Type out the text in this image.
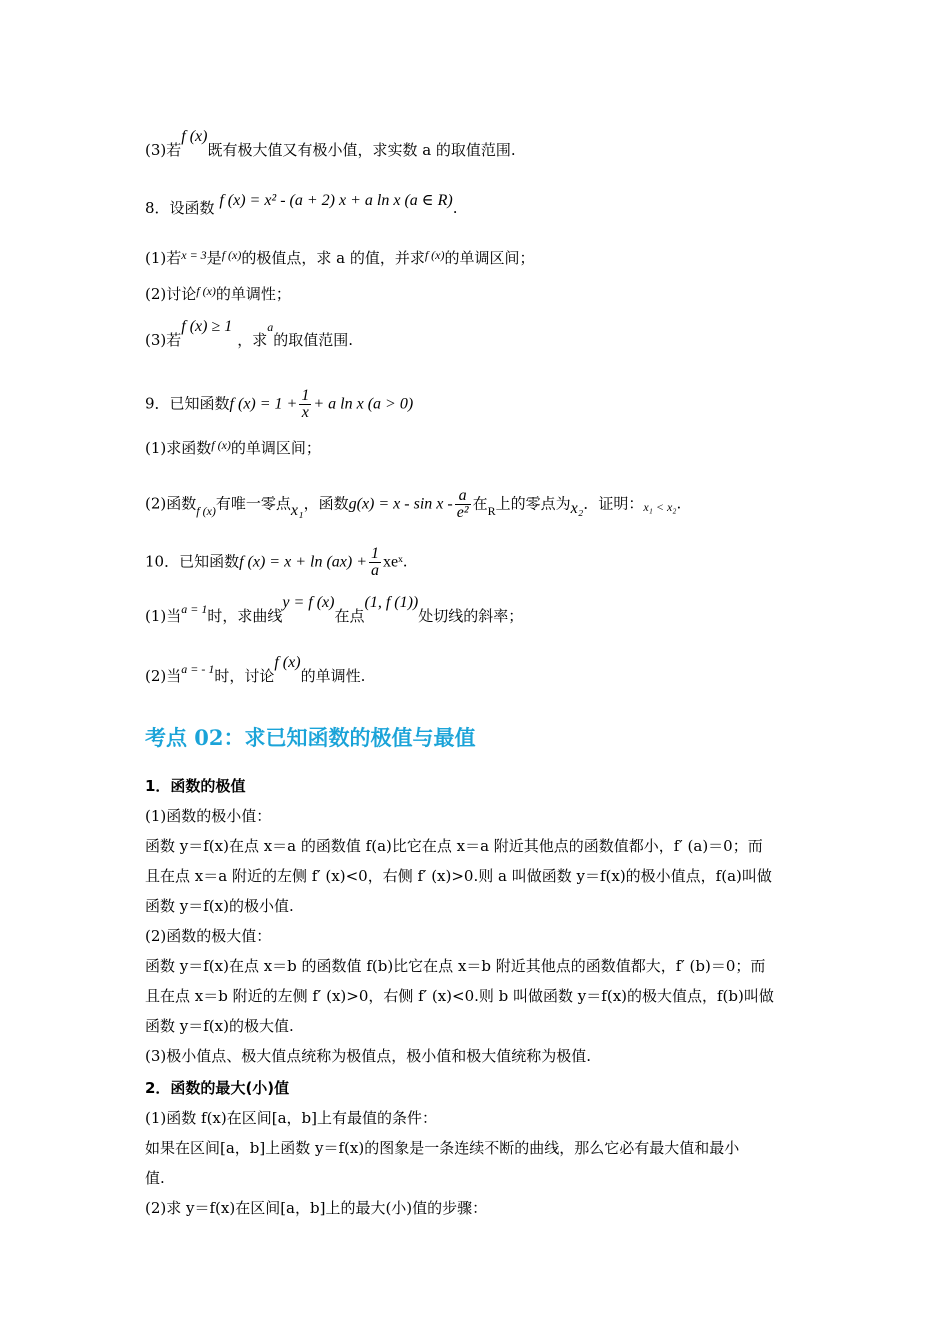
(3)若f (x)既有极大值又有极小值，求实数 a 的取值范围.
8．设函数 f (x) = x² - (a + 2) x + a ln x (a ∈ R).
(1)若$^{x = 3}$是$^{f (x)}$的极值点，求 a 的值，并求$^{f (x)}$的单调区间；
(2)讨论$^{f (x)}$的单调性；
(3)若f (x) ≥ 1，求$^a$的取值范围.
9．已知函数f $(x) = 1 + \frac{1}{x} + a$ ln x (a > 0)
(1)求函数$^{f (x)}$的单调区间；
(2)函数$_{f (x)}$有唯一零点x₁，函数$g(x) = x - \sin x - \frac{a}{\text{e²}}$ 在$_R$上的零点为x₂．证明：x₁ < x₂.
10．已知函数f $(x) = x + \ln (ax) + \frac{1}{a}$ xeˣ.
(1)当$^{a = 1}$时，求曲线y = f (x)在点(1, f (1))处切线的斜率；
(2)当$^{a = - 1}$时，讨论f (x)的单调性.
考点 02：求已知函数的极值与最值
1．函数的极值
(1)函数的极小值：
函数 y＝f(x)在点 x＝a 的函数值 f(a)比它在点 x＝a 附近其他点的函数值都小，f′ (a)＝0；而
且在点 x＝a 附近的左侧 f′ (x)<0，右侧 f′ (x)>0.则 a 叫做函数 y＝f(x)的极小值点，f(a)叫做
函数 y＝f(x)的极小值.
(2)函数的极大值：
函数 y＝f(x)在点 x＝b 的函数值 f(b)比它在点 x＝b 附近其他点的函数值都大，f′ (b)＝0；而
且在点 x＝b 附近的左侧 f′ (x)>0，右侧 f′ (x)<0.则 b 叫做函数 y＝f(x)的极大值点，f(b)叫做
函数 y＝f(x)的极大值.
(3)极小值点、极大值点统称为极值点，极小值和极大值统称为极值.
2．函数的最大(小)值
(1)函数 f(x)在区间[a，b]上有最值的条件：
如果在区间[a，b]上函数 y＝f(x)的图象是一条连续不断的曲线，那么它必有最大值和最小
值.
(2)求 y＝f(x)在区间[a，b]上的最大(小)值的步骤：
